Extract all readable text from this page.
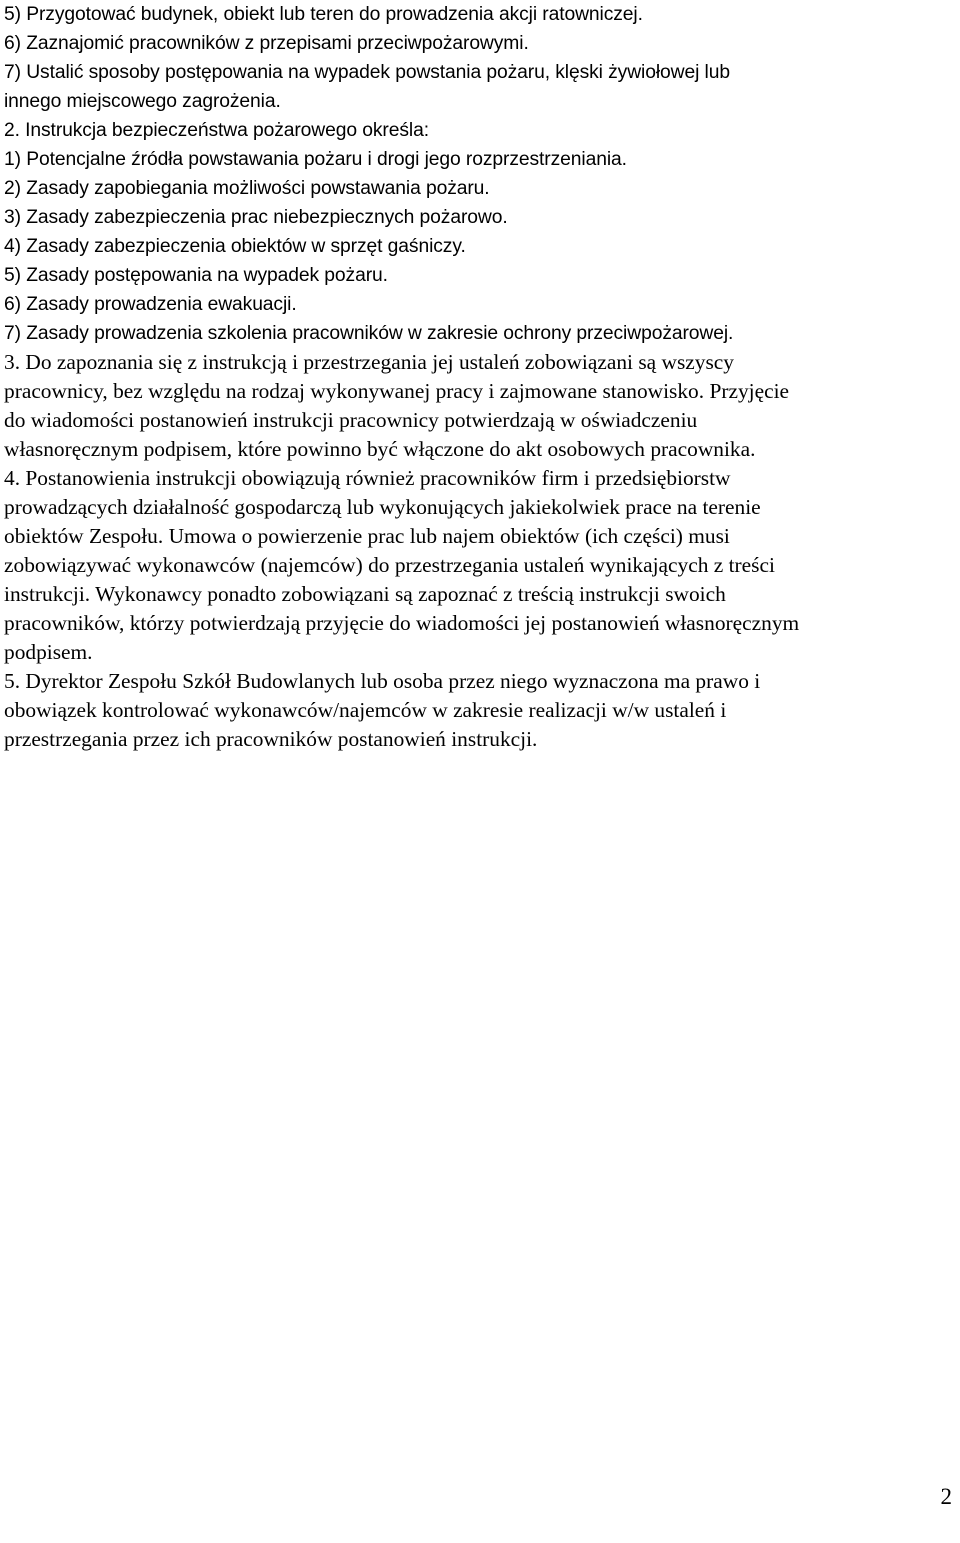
5) Przygotować budynek, obiekt lub teren do prowadzenia akcji ratowniczej.

6) Zaznajomić pracowników z przepisami przeciwpożarowymi.

7) Ustalić sposoby postępowania na wypadek powstania pożaru, klęski żywiołowej lub

innego miejscowego zagrożenia.

2. Instrukcja bezpieczeństwa pożarowego określa:

1) Potencjalne źródła powstawania pożaru i drogi jego rozprzestrzeniania.

2) Zasady zapobiegania możliwości powstawania pożaru.

3) Zasady zabezpieczenia prac niebezpiecznych pożarowo.

4) Zasady zabezpieczenia obiektów w sprzęt gaśniczy.

5) Zasady postępowania na wypadek pożaru.

6) Zasady prowadzenia ewakuacji.

7) Zasady prowadzenia szkolenia pracowników w zakresie ochrony przeciwpożarowej.

3. Do zapoznania się z instrukcją i przestrzegania jej ustaleń zobowiązani są wszyscy

pracownicy, bez względu na rodzaj wykonywanej pracy i zajmowane stanowisko. Przyjęcie

do wiadomości postanowień instrukcji pracownicy potwierdzają w oświadczeniu

własnoręcznym podpisem, które powinno być włączone do akt osobowych pracownika.

4. Postanowienia instrukcji obowiązują również pracowników firm i przedsiębiorstw

prowadzących działalność gospodarczą lub wykonujących jakiekolwiek prace na terenie

obiektów Zespołu. Umowa o powierzenie prac lub najem obiektów (ich części) musi

zobowiązywać wykonawców (najemców) do przestrzegania ustaleń wynikających z treści

instrukcji. Wykonawcy ponadto zobowiązani są zapoznać z treścią instrukcji swoich

pracowników, którzy potwierdzają przyjęcie do wiadomości jej postanowień własnoręcznym

podpisem.

5. Dyrektor Zespołu Szkół Budowlanych lub osoba przez niego wyznaczona ma prawo i

obowiązek kontrolować wykonawców/najemców w zakresie realizacji w/w ustaleń i

przestrzegania przez ich pracowników postanowień instrukcji.

2
